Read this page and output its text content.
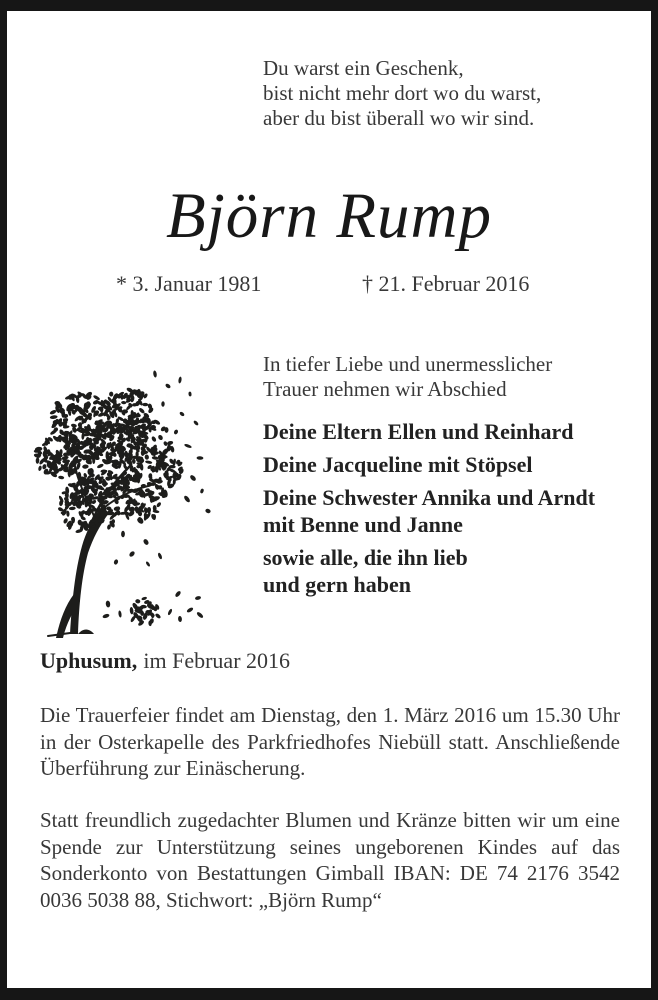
Du warst ein Geschenk,
bist nicht mehr dort wo du warst,
aber du bist überall wo wir sind.
Björn Rump
* 3. Januar 1981	† 21. Februar 2016
In tiefer Liebe und unermesslicher
Trauer nehmen wir Abschied
Deine Eltern Ellen und Reinhard
Deine Jacqueline mit Stöpsel
Deine Schwester Annika und Arndt
mit Benne und Janne
sowie alle, die ihn lieb
und gern haben
Uphusum, im Februar 2016
Die Trauerfeier findet am Dienstag, den 1. März 2016 um 15.30 Uhr in der Osterkapelle des Parkfriedhofes Niebüll statt. Anschließende Überführung zur Einäscherung.
Statt freundlich zugedachter Blumen und Kränze bitten wir um eine Spende zur Unterstützung seines ungeborenen Kindes auf das Sonderkonto von Bestattungen Gimball IBAN: DE 74 2176 3542 0036 5038 88, Stichwort: „Björn Rump“
